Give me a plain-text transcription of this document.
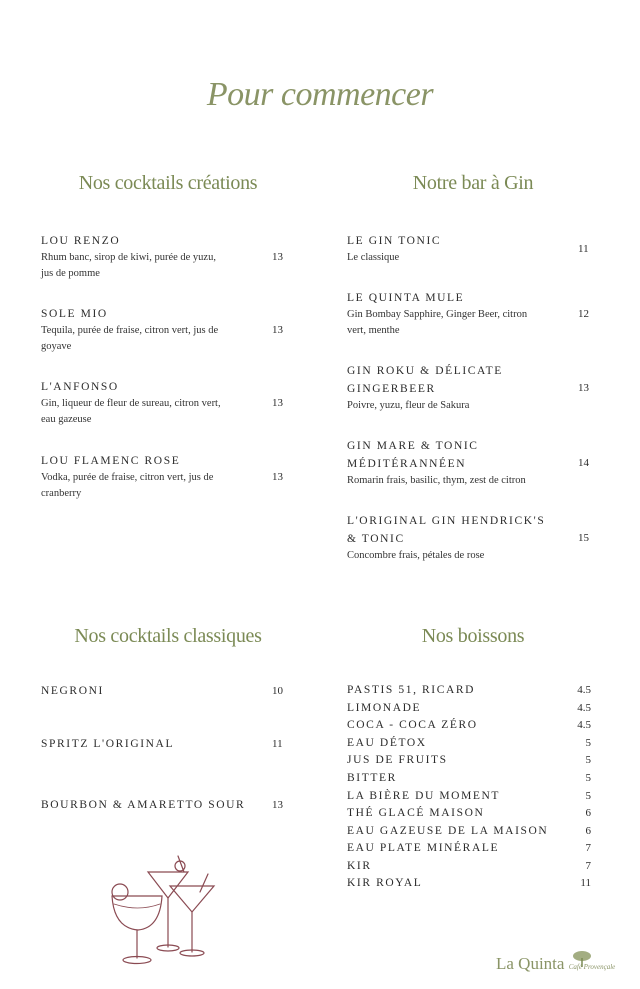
Pour commencer
Nos cocktails créations
LOU RENZO
Rhum banc, sirop de kiwi, purée de yuzu,
jus de pomme
13
SOLE MIO
Tequila, purée de fraise, citron vert, jus de
goyave
13
L'ANFONSO
Gin, liqueur de fleur de sureau, citron vert,
eau gazeuse
13
LOU FLAMENC ROSE
Vodka, purée de fraise, citron vert, jus de
cranberry
13
Notre bar à Gin
LE GIN TONIC
Le classique
11
LE QUINTA MULE
Gin Bombay Sapphire, Ginger Beer, citron
vert, menthe
12
GIN ROKU & DÉLICATE
GINGERBEER
Poivre, yuzu, fleur de Sakura
13
GIN MARE & TONIC
MÉDITÉRANNÉEN
Romarin frais, basilic, thym, zest de citron
14
L'ORIGINAL GIN HENDRICK'S
& TONIC
Concombre frais, pétales de rose
15
Nos cocktails classiques
NEGRONI	10
SPRITZ L'ORIGINAL	11
BOURBON & AMARETTO SOUR 13
Nos boissons
PASTIS 51, RICARD	4.5
LIMONADE	4.5
COCA - COCA ZÉRO	4.5
EAU DÉTOX	5
JUS DE FRUITS	5
BITTER	5
LA BIÈRE DU MOMENT	5
THÉ GLACÉ MAISON	6
EAU GAZEUSE DE LA MAISON	6
EAU PLATE MINÉRALE	7
KIR	7
KIR ROYAL	11
La Quinta Café Provençale
